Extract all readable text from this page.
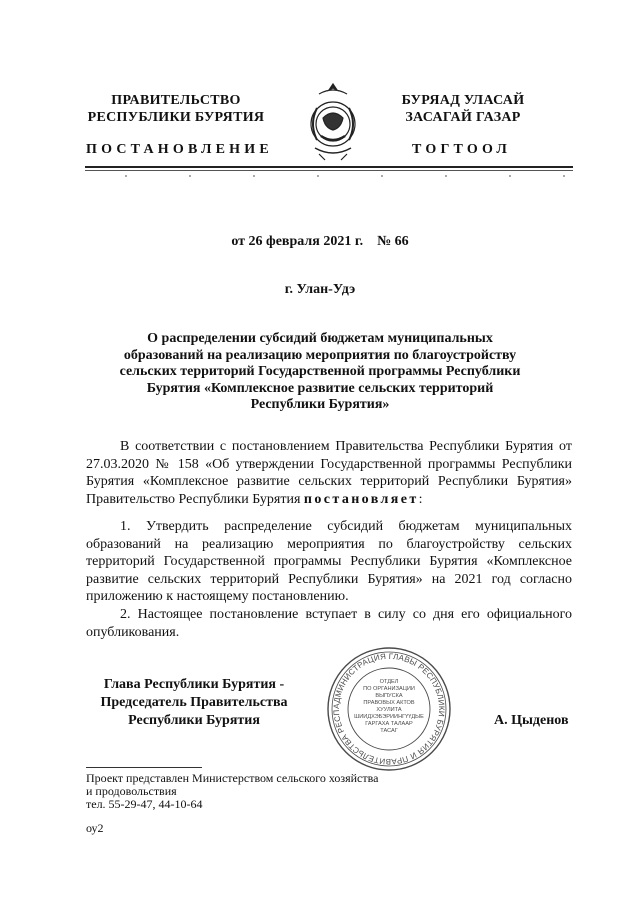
ПРАВИТЕЛЬСТВО
РЕСПУБЛИКИ БУРЯТИЯ
БУРЯАД УЛАСАЙ
ЗАСАГАЙ ГАЗАР
ПОСТАНОВЛЕНИЕ	ТОГТООЛ
от 26 февраля 2021 г.    № 66
г. Улан-Удэ
О распределении субсидий бюджетам муниципальных
образований на реализацию мероприятия по благоустройству
сельских территорий Государственной программы Республики
Бурятия «Комплексное развитие сельских территорий
Республики Бурятия»
В соответствии с постановлением Правительства Республики Бурятия от 27.03.2020 № 158 «Об утверждении Государственной программы Республики Бурятия «Комплексное развитие сельских территорий Республики Бурятия» Правительство Республики Бурятия постановляет:
1. Утвердить распределение субсидий бюджетам муниципальных образований на реализацию мероприятия по благоустройству сельских территорий Государственной программы Республики Бурятия «Комплексное развитие сельских территорий Республики Бурятия» на 2021 год согласно приложению к настоящему постановлению.
2. Настоящее постановление вступает в силу со дня его официального опубликования.
Глава Республики Бурятия -
Председатель Правительства
Республики Бурятия	А. Цыденов
АДМИНИСТРАЦИЯ ГЛАВЫ РЕСПУБЛИКИ БУРЯТИЯ И ПРАВИТЕЛЬСТВА РЕСП
ОТДЕЛ
ПО ОРГАНИЗАЦИИ
ВЫПУСКА
ПРАВОВЫХ АКТОВ
ХУУЛИТА
ШИИДХЭБЭРИИНГҮҮДЫЕ
ГАРГАХА ТАЛААР
ТАСАГ
Проект представлен Министерством сельского хозяйства
и продовольствия
тел. 55-29-47, 44-10-64
оу2
